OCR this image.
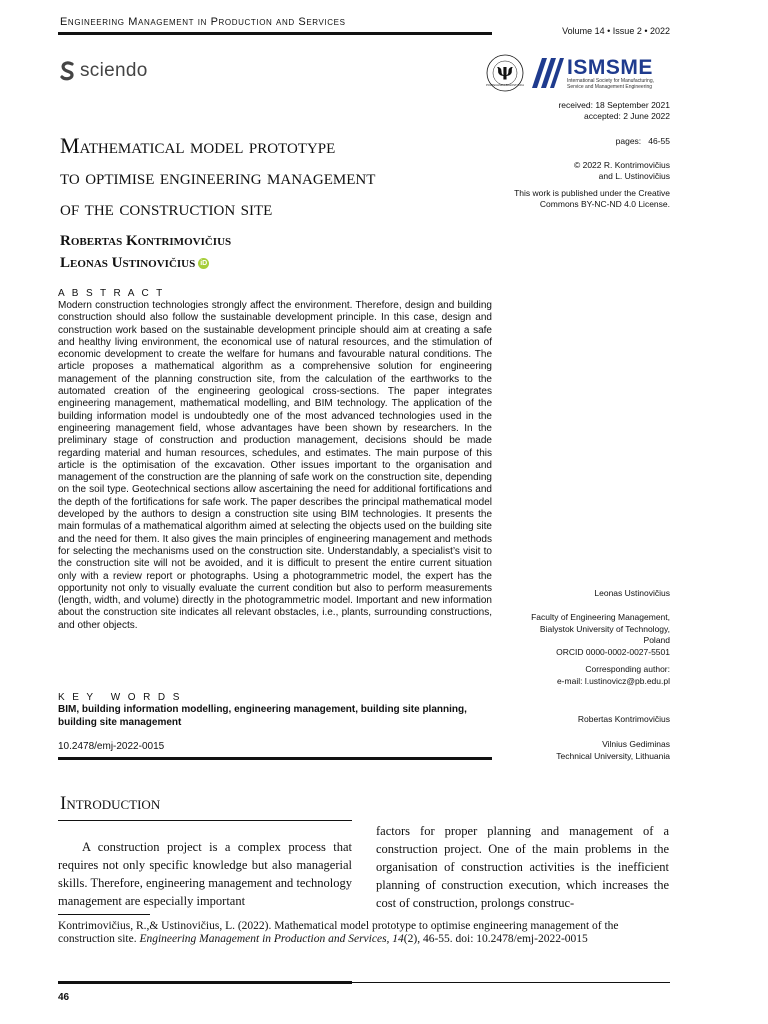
Engineering Management in Production and Services
Volume 14 • Issue 2 • 2022
sciendo	ψ
POLITECHNIKA BIAŁOSTOCKA
ISMSME
International Society for Manufacturing,
Service and Management Engineering
received: 18 September 2021
accepted: 2 June 2022
pages:   46-55
© 2022 R. Kontrimovičius
and L. Ustinovičius
This work is published under the Creative Commons BY-NC-ND 4.0 License.
Mathematical model prototype
to optimise engineering management
of the construction site
Robertas Kontrimovičius
Leonas Ustinovičius iD
A B S T R A C T
Modern construction technologies strongly affect the environment. Therefore, design and building construction should also follow the sustainable development principle. In this case, design and construction work based on the sustainable development principle should aim at creating a safe and healthy living environment, the economical use of natural resources, and the stimulation of economic development to create the welfare for humans and favourable natural conditions. The article proposes a mathematical algorithm as a comprehensive solution for engineering management of the planning construction site, from the calculation of the earthworks to the automated creation of the engineering geological cross-sections. The paper integrates engineering management, mathematical modelling, and BIM technology. The application of the building information model is undoubtedly one of the most advanced technologies used in the engineering management field, whose advantages have been shown by researchers. In the preliminary stage of construction and production management, decisions should be made regarding material and human resources, schedules, and estimates. The main purpose of this article is the optimisation of the excavation. Other issues important to the organisation and management of the construction are the planning of safe work on the construction site, depending on the soil type. Geotechnical sections allow ascertaining the need for additional fortifications and the depth of the fortifications for safe work. The paper describes the principal mathematical model developed by the authors to design a construction site using BIM technologies. It presents the main formulas of a mathematical algorithm aimed at selecting the objects used on the building site and the need for them. It also gives the main principles of engineering management and methods for selecting the mechanisms used on the construction site. Understandably, a specialist’s visit to the construction site will not be avoided, and it is difficult to present the entire current situation only with a review report or photographs. Using a photogrammetric model, the expert has the opportunity not only to visually evaluate the current condition but also to perform measurements (length, width, and volume) directly in the photogrammetric model. Important and new information about the construction site indicates all relevant obstacles, i.e., plants, surrounding constructions, and other objects.
K E Y   W O R D S
BIM, building information modelling, engineering management, building site planning, building site management
10.2478/emj-2022-0015
Leonas Ustinovičius
Faculty of Engineering Management,
Bialystok University of Technology,
Poland
ORCID 0000-0002-0027-5501
Corresponding author:
e-mail: l.ustinovicz@pb.edu.pl
Robertas Kontrimovičius
Vilnius Gediminas
Technical University, Lithuania
Introduction
A construction project is a complex process that requires not only specific knowledge but also managerial skills. Therefore, engineering management and technology management are especially important
factors for proper planning and management of a construction project. One of the main problems in the organisation of construction activities is the inefficient planning of construction execution, which increases the cost of construction, prolongs construc-
Kontrimovičius, R.,& Ustinovičius, L. (2022). Mathematical model prototype to optimise engineering management of the construction site. Engineering Management in Production and Services, 14(2), 46-55. doi: 10.2478/emj-2022-0015
46
